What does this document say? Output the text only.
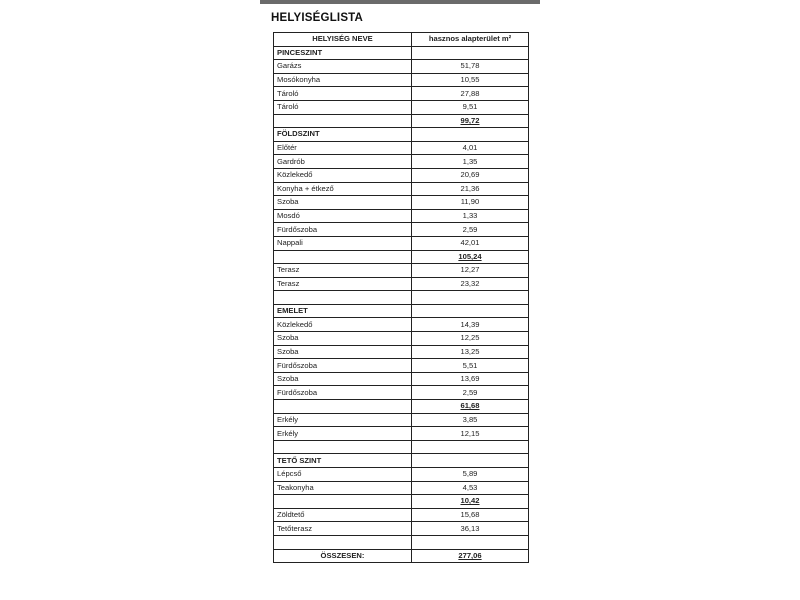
HELYISÉGLISTA
HELYISÉG NEVE	hasznos alapterület m²
PINCESZINT	
Garázs	51,78
Mosókonyha	10,55
Tároló	27,88
Tároló	9,51
	99,72
FÖLDSZINT	
Előtér	4,01
Gardrób	1,35
Közlekedő	20,69
Konyha + étkező	21,36
Szoba	11,90
Mosdó	1,33
Fürdőszoba	2,59
Nappali	42,01
	105,24
Terasz	12,27
Terasz	23,32

EMELET	
Közlekedő	14,39
Szoba	12,25
Szoba	13,25
Fürdőszoba	5,51
Szoba	13,69
Fürdőszoba	2,59
	61,68
Erkély	3,85
Erkély	12,15

TETŐ SZINT	
Lépcső	5,89
Teakonyha	4,53
	10,42
Zöldtető	15,68
Tetőterasz	36,13

ÖSSZESEN:	277,06
